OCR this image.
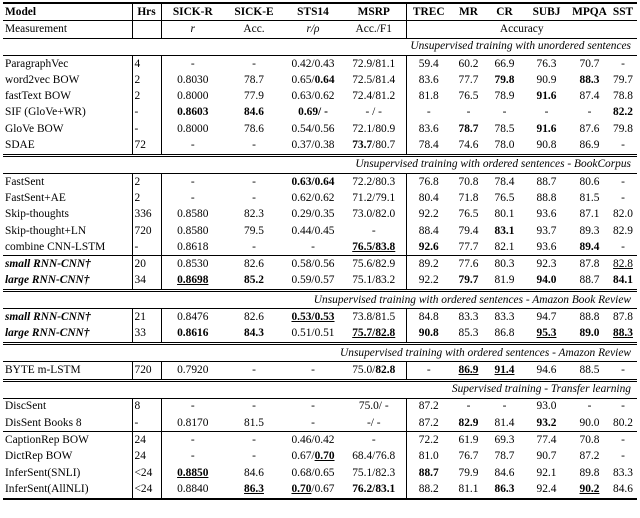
Model	Hrs	SICK-R	SICK-E	STS14	MSRP	TREC	MR	CR	SUBJ	MPQA	SST
Measurement		r	Acc.	r/ρ	Acc./F1	Accuracy					
Unsupervised training with unordered sentences											
ParagraphVec	4	-	-	0.42/0.43	72.9/81.1	59.4	60.2	66.9	76.3	70.7	-
word2vec BOW	2	0.8030	78.7	0.65/0.64	72.5/81.4	83.6	77.7	79.8	90.9	88.3	79.7
fastText BOW	2	0.8000	77.9	0.63/0.62	72.4/81.2	81.8	76.5	78.9	91.6	87.4	78.8
SIF (GloVe+WR)	-	0.8603	84.6	0.69/ -	- / -	-	-	-	-	-	82.2
GloVe BOW	-	0.8000	78.6	0.54/0.56	72.1/80.9	83.6	78.7	78.5	91.6	87.6	79.8
SDAE	72	-	-	0.37/0.38	73.7/80.7	78.4	74.6	78.0	90.8	86.9	-
Unsupervised training with ordered sentences - BookCorpus											
FastSent	2	-	-	0.63/0.64	72.2/80.3	76.8	70.8	78.4	88.7	80.6	-
FastSent+AE	2	-	-	0.62/0.62	71.2/79.1	80.4	71.8	76.5	88.8	81.5	-
Skip-thoughts	336	0.8580	82.3	0.29/0.35	73.0/82.0	92.2	76.5	80.1	93.6	87.1	82.0
Skip-thought+LN	720	0.8580	79.5	0.44/0.45	-	88.4	79.4	83.1	93.7	89.3	82.9
combine CNN-LSTM	-	0.8618	-	-	76.5/83.8	92.6	77.7	82.1	93.6	89.4	-
small RNN-CNN†	20	0.8530	82.6	0.58/0.56	75.6/82.9	89.2	77.6	80.3	92.3	87.8	82.8
large RNN-CNN†	34	0.8698	85.2	0.59/0.57	75.1/83.2	92.2	79.7	81.9	94.0	88.7	84.1
Unsupervised training with ordered sentences - Amazon Book Review											
small RNN-CNN†	21	0.8476	82.6	0.53/0.53	73.8/81.5	84.8	83.3	83.3	94.7	88.8	87.8
large RNN-CNN†	33	0.8616	84.3	0.51/0.51	75.7/82.8	90.8	85.3	86.8	95.3	89.0	88.3
Unsupervised training with ordered sentences - Amazon Review											
BYTE m-LSTM	720	0.7920	-	-	75.0/82.8	-	86.9	91.4	94.6	88.5	-
Supervised training - Transfer learning											
DiscSent	8	-	-	-	75.0/ -	87.2	-	-	93.0	-	-
DisSent Books 8	-	0.8170	81.5	-	-/ -	87.2	82.9	81.4	93.2	90.0	80.2
CaptionRep BOW	24	-	-	0.46/0.42	-	72.2	61.9	69.3	77.4	70.8	-
DictRep BOW	24	-	-	0.67/0.70	68.4/76.8	81.0	76.7	78.7	90.7	87.2	-
InferSent(SNLI)	<24	0.8850	84.6	0.68/0.65	75.1/82.3	88.7	79.9	84.6	92.1	89.8	83.3
InferSent(AllNLI)	<24	0.8840	86.3	0.70/0.67	76.2/83.1	88.2	81.1	86.3	92.4	90.2	84.6
